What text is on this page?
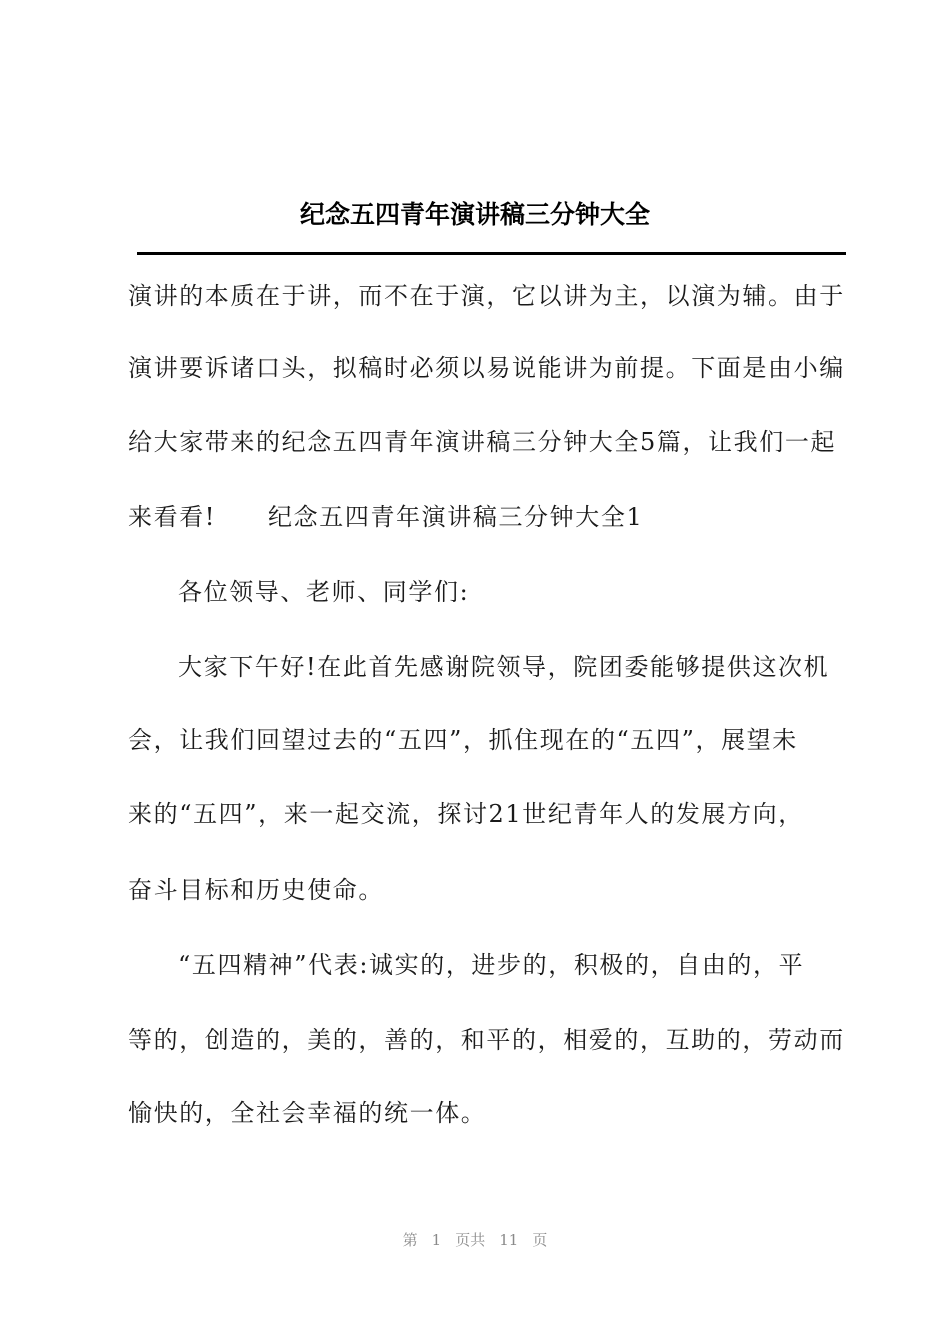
纪念五四青年演讲稿三分钟大全
演讲的本质在于讲，而不在于演，它以讲为主，以演为辅。由于
演讲要诉诸口头，拟稿时必须以易说能讲为前提。下面是由小编
给大家带来的纪念五四青年演讲稿三分钟大全5篇，让我们一起
来看看! 纪念五四青年演讲稿三分钟大全1
各位领导、老师、同学们:
大家下午好!在此首先感谢院领导，院团委能够提供这次机
会，让我们回望过去的“五四”，抓住现在的“五四”，展望未
来的“五四”，来一起交流，探讨21世纪青年人的发展方向，
奋斗目标和历史使命。
“五四精神”代表:诚实的，进步的，积极的，自由的，平
等的，创造的，美的，善的，和平的，相爱的，互助的，劳动而
愉快的，全社会幸福的统一体。
第 1 页共 11 页
